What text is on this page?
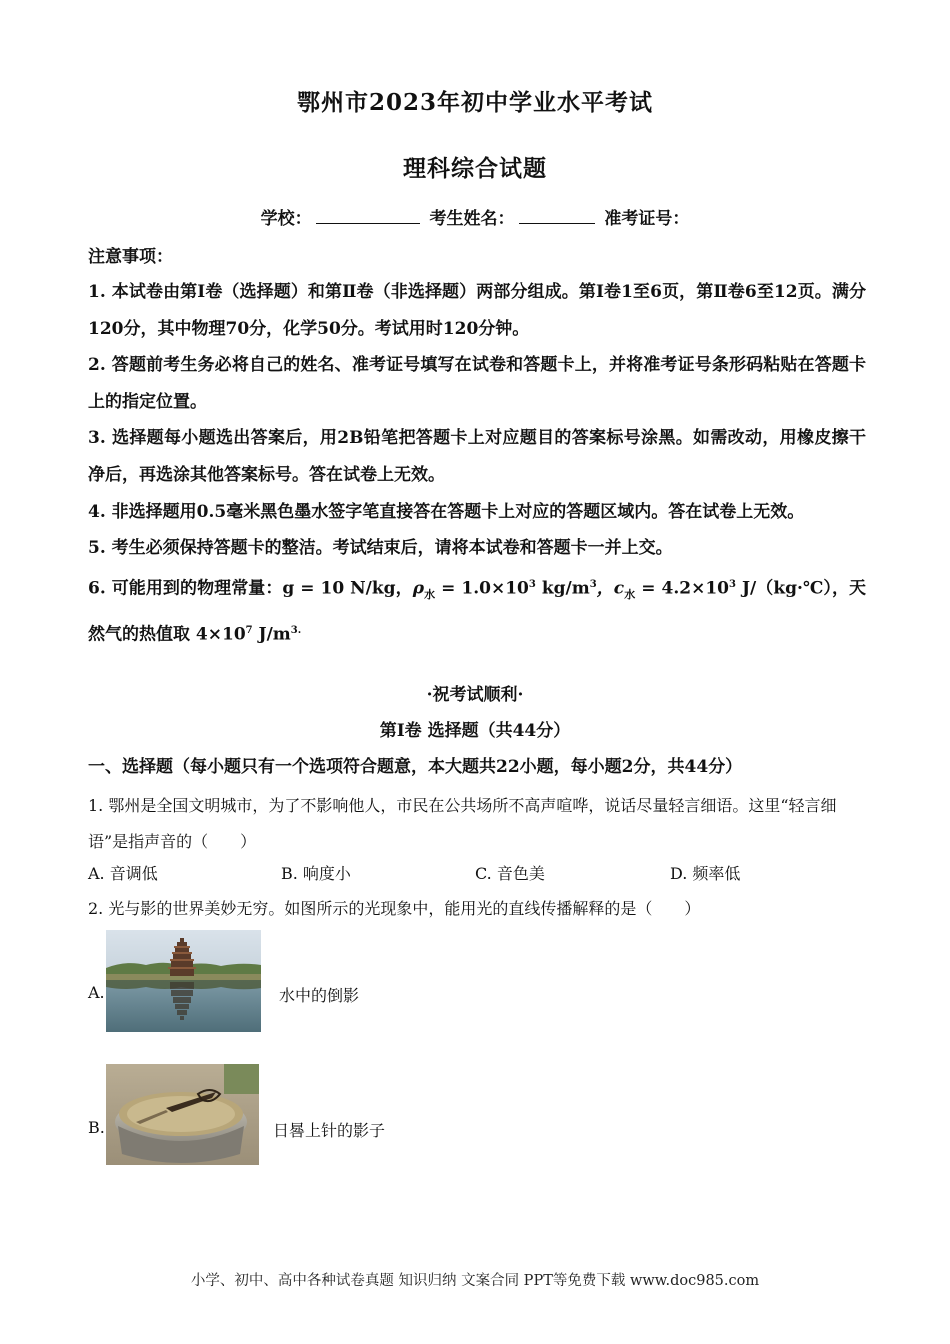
鄂州市2023年初中学业水平考试
理科综合试题
学校：	考生姓名：	准考证号：
注意事项：

1. 本试卷由第Ⅰ卷（选择题）和第Ⅱ卷（非选择题）两部分组成。第Ⅰ卷1至6页，第Ⅱ卷6至12页。满分120分，其中物理70分，化学50分。考试用时120分钟。

2. 答题前考生务必将自己的姓名、准考证号填写在试卷和答题卡上，并将准考证号条形码粘贴在答题卡上的指定位置。

3. 选择题每小题选出答案后，用2B铅笔把答题卡上对应题目的答案标号涂黑。如需改动，用橡皮擦干净后，再选涂其他答案标号。答在试卷上无效。

4. 非选择题用0.5毫米黑色墨水签字笔直接答在答题卡上对应的答题区域内。答在试卷上无效。

5. 考生必须保持答题卡的整洁。考试结束后，请将本试卷和答题卡一并上交。

6. 可能用到的物理常量：g = 10 N/kg，$\rho_水 = 1.0\times 10^3$ $kg/m^3$，$c_水 = 4.2\times 10^3$ J/（kg·℃），天然气的热值取 $4\times 10^7$ $J/m^{3.}$

·祝考试顺利·
第Ⅰ卷 选择题（共44分）
一、选择题（每小题只有一个选项符合题意，本大题共22小题，每小题2分，共44分）

1. 鄂州是全国文明城市，为了不影响他人，市民在公共场所不高声喧哗，说话尽量轻言细语。这里“轻言细语”是指声音的（　　）

A. 音调低	B. 响度小	C. 音色美	D. 频率低
2. 光与影的世界美妙无穷。如图所示的光现象中，能用光的直线传播解释的是（　　）
A.	水中的倒影
B.	日晷上针的影子
小学、初中、高中各种试卷真题 知识归纳 文案合同 PPT等免费下载 www.doc985.com
